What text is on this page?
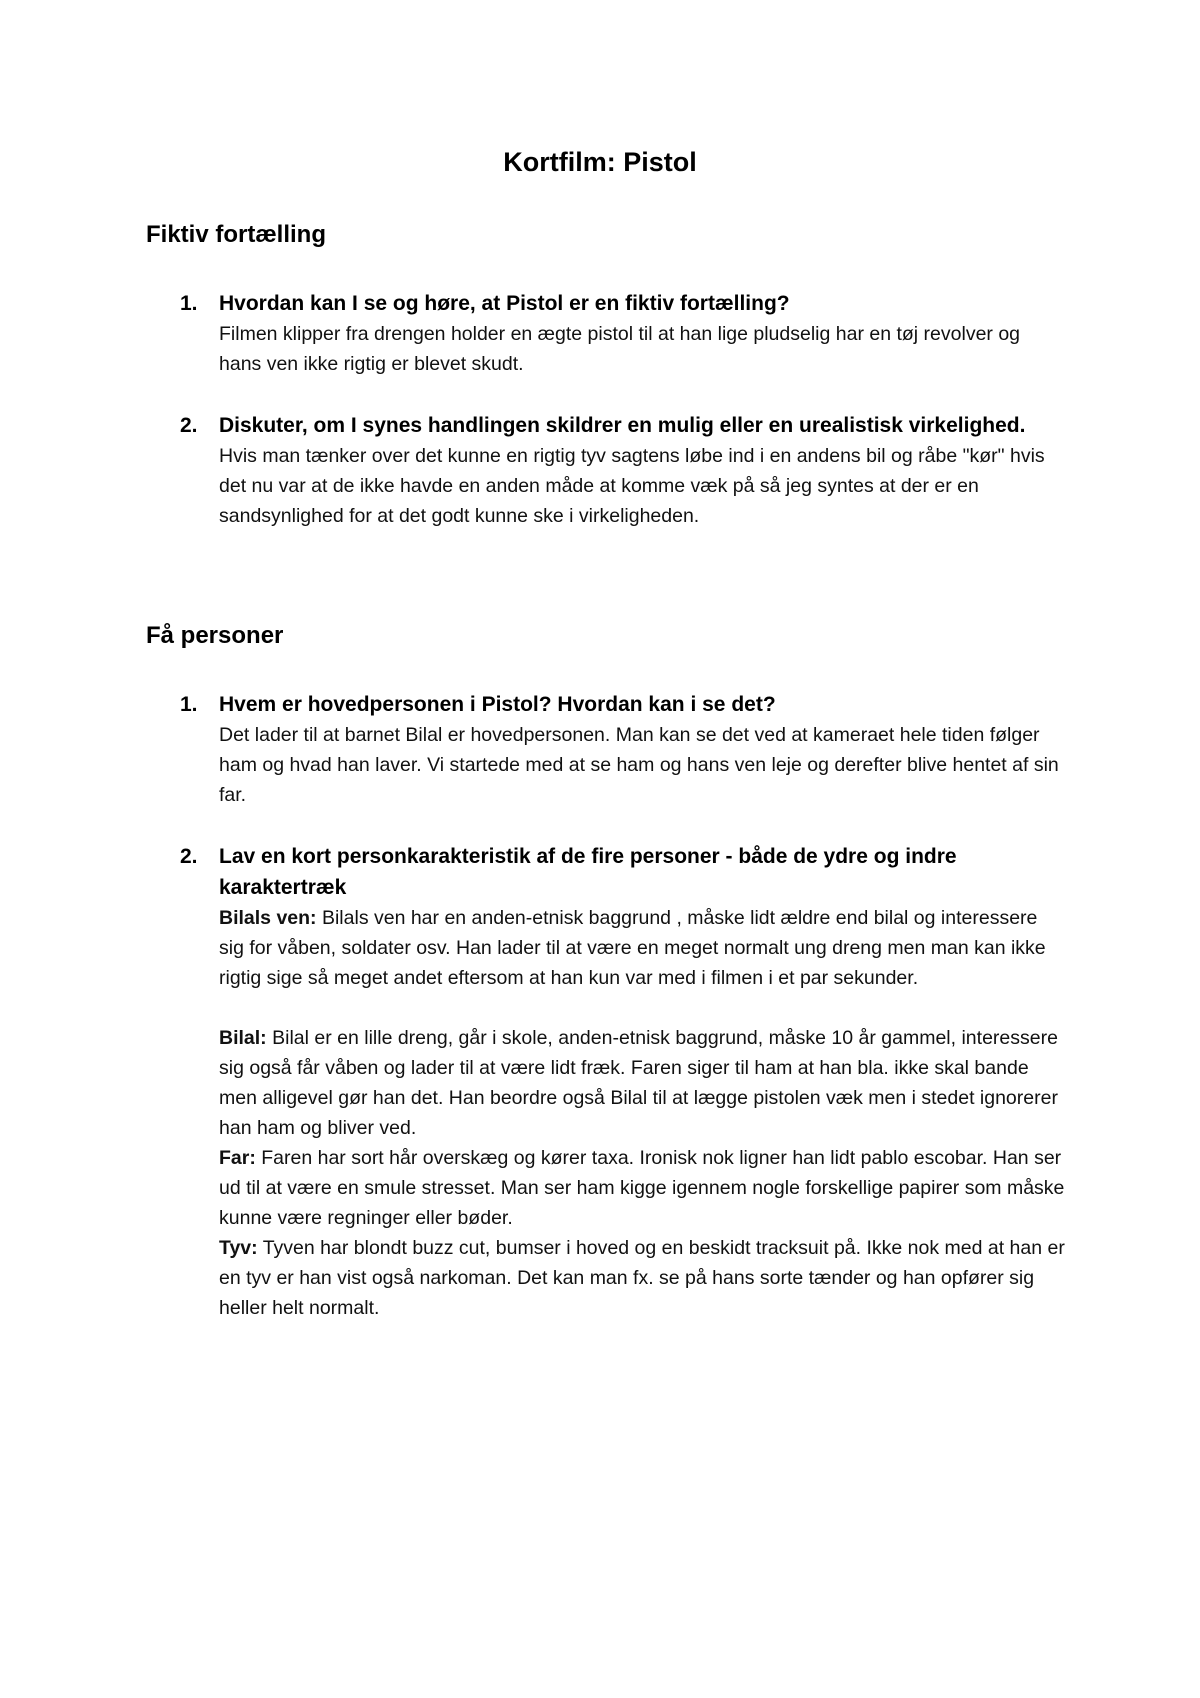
Kortfilm: Pistol
Fiktiv fortælling
1. Hvordan kan I se og høre, at Pistol er en fiktiv fortælling?

Filmen klipper fra drengen holder en ægte pistol til at han lige pludselig har en tøj revolver og hans ven ikke rigtig er blevet skudt.

2. Diskuter, om I synes handlingen skildrer en mulig eller en urealistisk virkelighed.

Hvis man tænker over det kunne en rigtig tyv sagtens løbe ind i en andens bil og råbe "kør" hvis det nu var at de ikke havde en anden måde at komme væk på så jeg syntes at der er en sandsynlighed for at det godt kunne ske i virkeligheden.

Få personer
1. Hvem er hovedpersonen i Pistol? Hvordan kan i se det?

Det lader til at barnet Bilal er hovedpersonen. Man kan se det ved at kameraet hele tiden følger ham og hvad han laver. Vi startede med at se ham og hans ven leje og derefter blive hentet af sin far.

2. Lav en kort personkarakteristik af de fire personer - både de ydre og indre karaktertræk

Bilals ven: Bilals ven har en anden-etnisk baggrund , måske lidt ældre end bilal og interessere sig for våben, soldater osv. Han lader til at være en meget normalt ung dreng men man kan ikke rigtig sige så meget andet eftersom at han kun var med i filmen i et par sekunder.

Bilal: Bilal er en lille dreng, går i skole, anden-etnisk baggrund, måske 10 år gammel, interessere sig også får våben og lader til at være lidt fræk. Faren siger til ham at han bla. ikke skal bande men alligevel gør han det. Han beordre også Bilal til at lægge pistolen væk men i stedet ignorerer han ham og bliver ved.

Far: Faren har sort hår overskæg og kører taxa. Ironisk nok ligner han lidt pablo escobar. Han ser ud til at være en smule stresset. Man ser ham kigge igennem nogle forskellige papirer som måske kunne være regninger eller bøder.

Tyv: Tyven har blondt buzz cut, bumser i hoved og en beskidt tracksuit på. Ikke nok med at han er en tyv er han vist også narkoman. Det kan man fx. se på hans sorte tænder og han opfører sig heller helt normalt.
